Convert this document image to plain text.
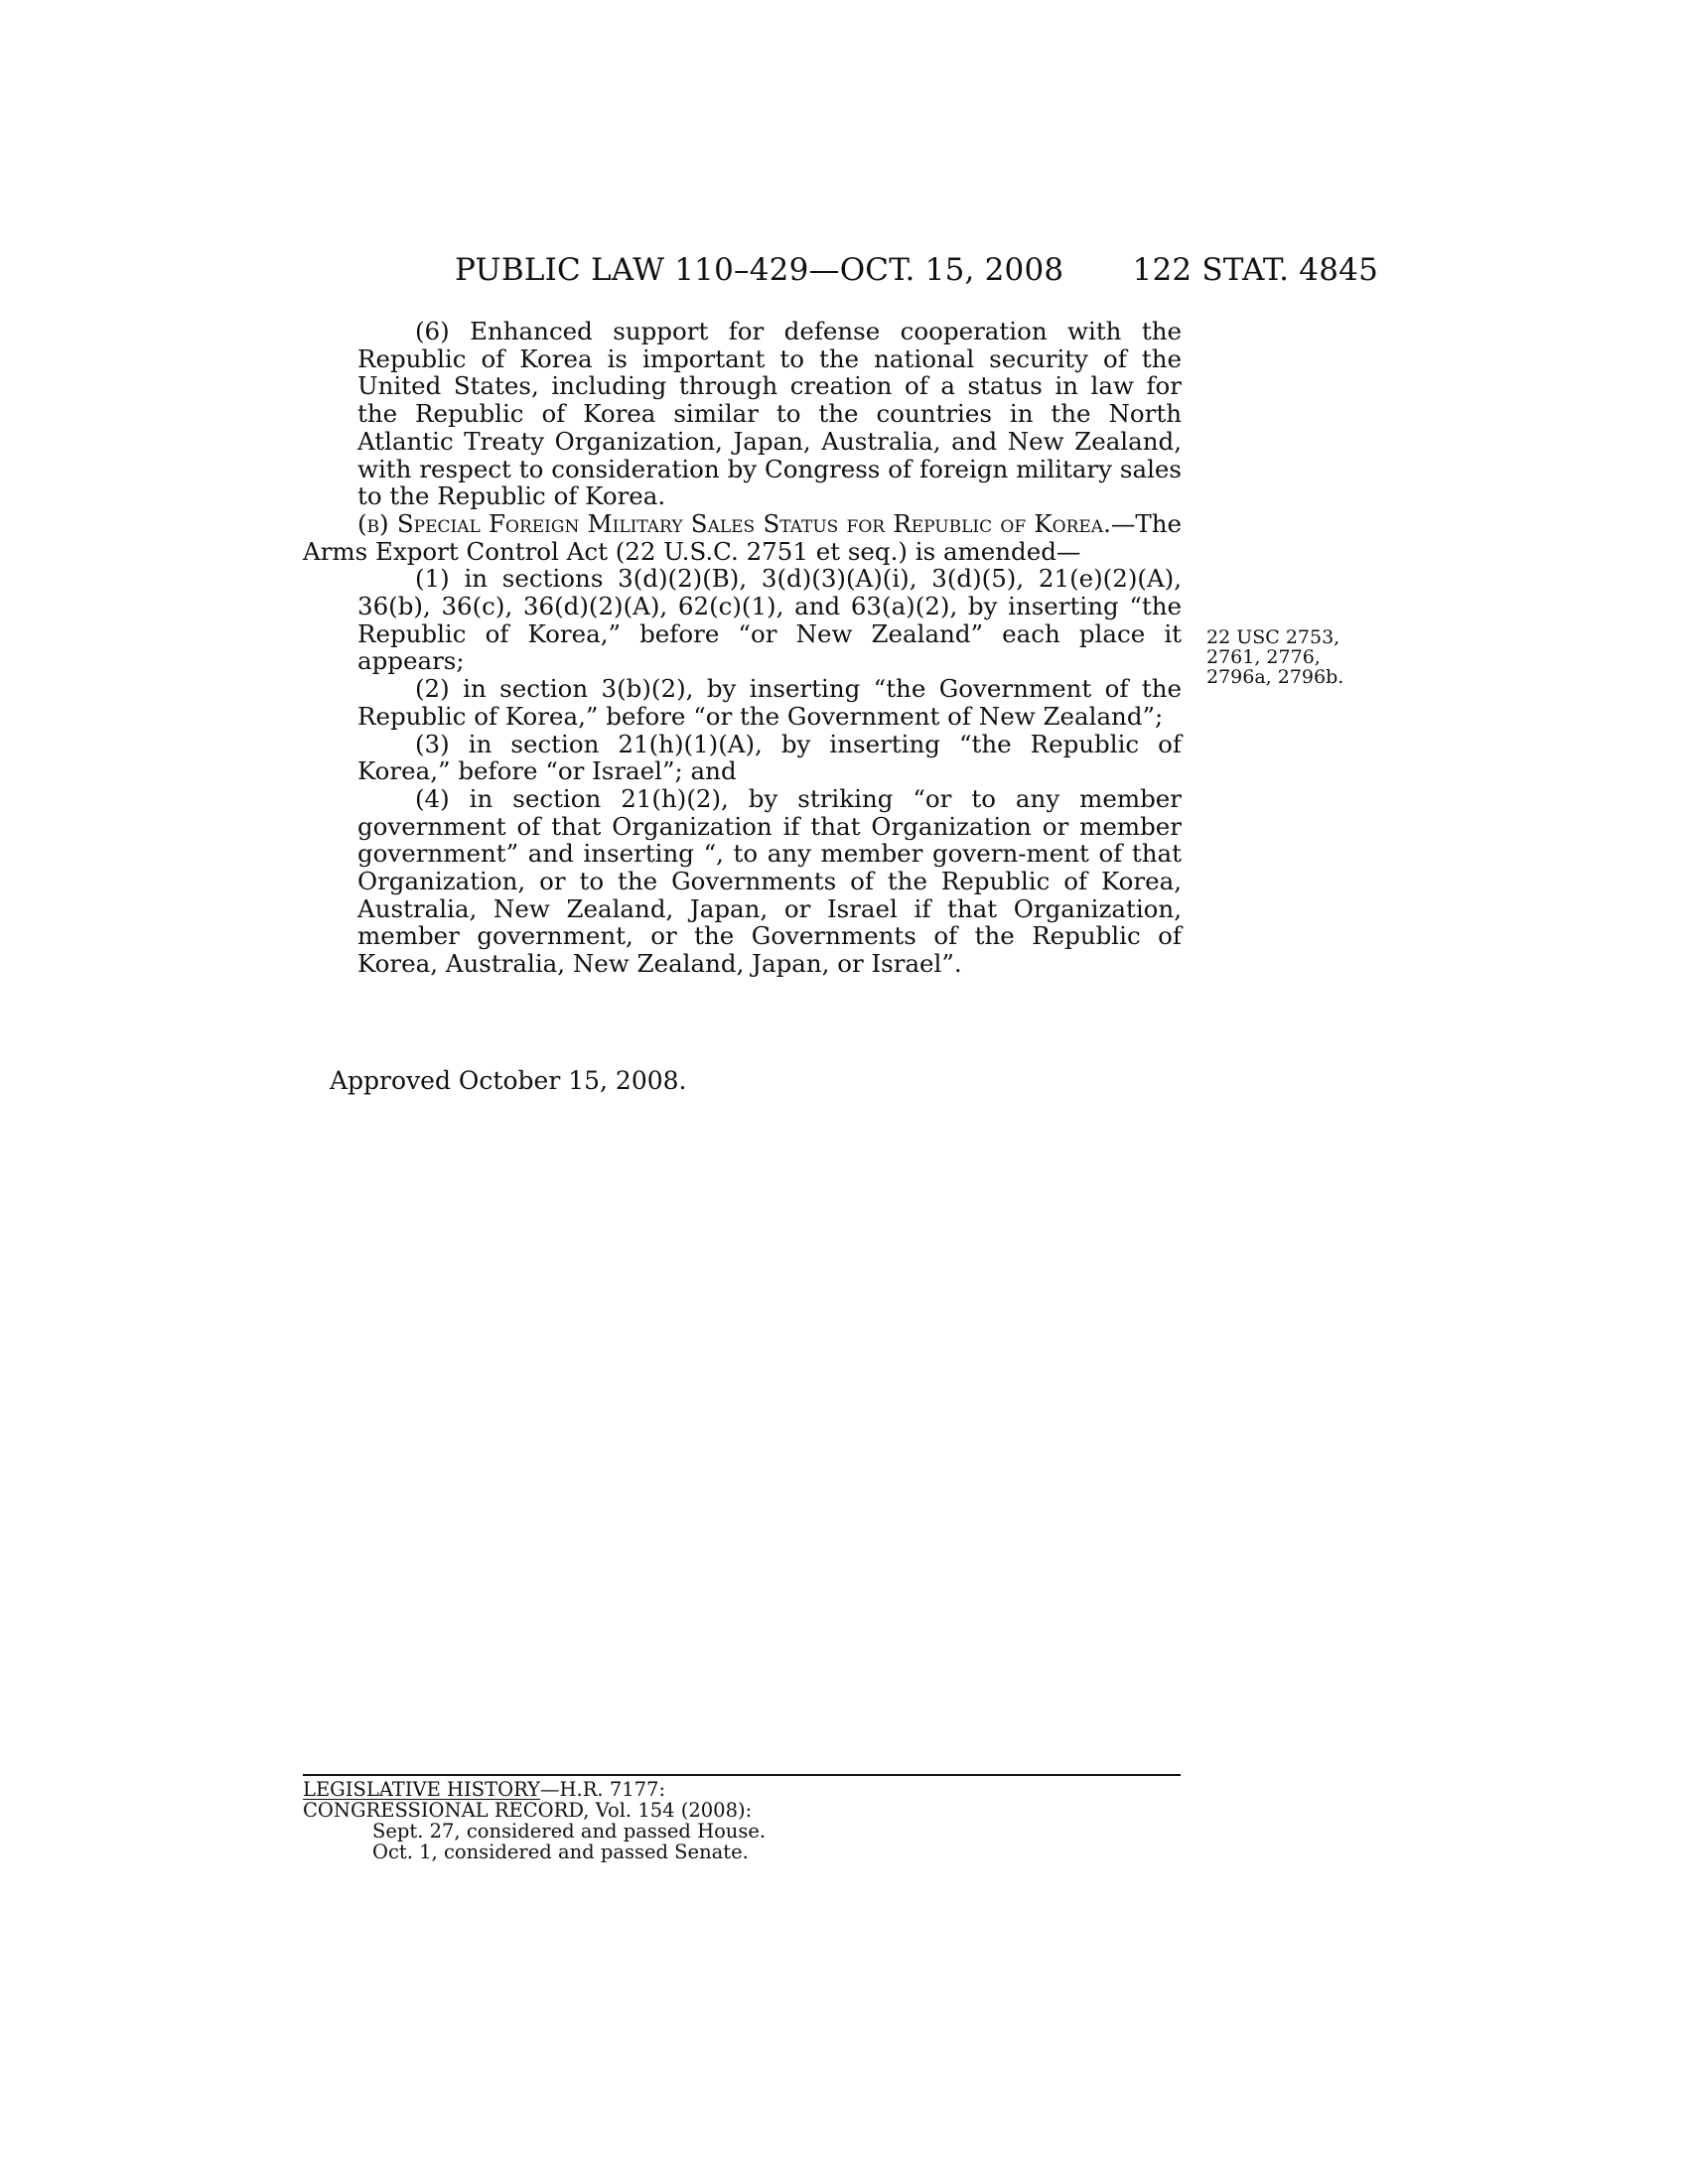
PUBLIC LAW 110–429—OCT. 15, 2008 122 STAT. 4845

(6) Enhanced support for defense cooperation with the Republic of Korea is important to the national security of the United States, including through creation of a status in law for the Republic of Korea similar to the countries in the North Atlantic Treaty Organization, Japan, Australia, and New Zealand, with respect to consideration by Congress of foreign military sales to the Republic of Korea.

(b) Special Foreign Military Sales Status for Republic of Korea.—The Arms Export Control Act (22 U.S.C. 2751 et seq.) is amended—

(1) in sections 3(d)(2)(B), 3(d)(3)(A)(i), 3(d)(5), 21(e)(2)(A), 36(b), 36(c), 36(d)(2)(A), 62(c)(1), and 63(a)(2), by inserting “the Republic of Korea,” before “or New Zealand” each place it appears;

(2) in section 3(b)(2), by inserting “the Government of the Republic of Korea,” before “or the Government of New Zealand”;

(3) in section 21(h)(1)(A), by inserting “the Republic of Korea,” before “or Israel”; and

(4) in section 21(h)(2), by striking “or to any member government of that Organization if that Organization or member government” and inserting “, to any member govern-ment of that Organization, or to the Governments of the Republic of Korea, Australia, New Zealand, Japan, or Israel if that Organization, member government, or the Governments of the Republic of Korea, Australia, New Zealand, Japan, or Israel”.

22 USC 2753, 2761, 2776, 2796a, 2796b.
Approved October 15, 2008.
LEGISLATIVE HISTORY—H.R. 7177:
CONGRESSIONAL RECORD, Vol. 154 (2008):
Sept. 27, considered and passed House.
Oct. 1, considered and passed Senate.
